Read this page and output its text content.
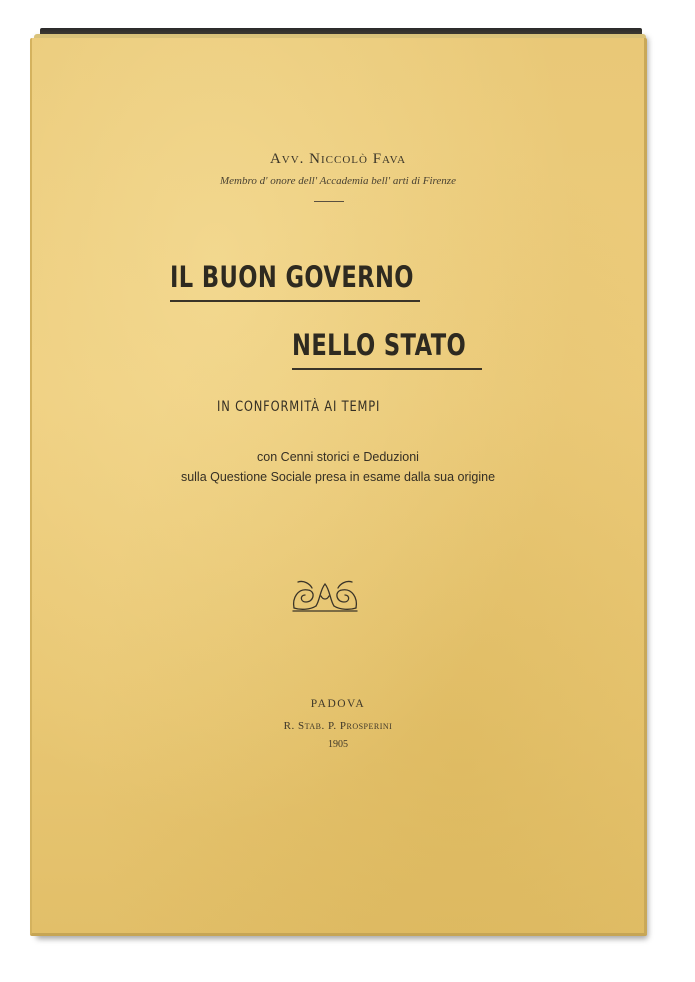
Avv. Niccolò Fava
Membro d' onore dell' Accademia bell' arti di Firenze
IL BUON GOVERNO
NELLO STATO
IN CONFORMITÀ AI TEMPI
con Cenni storici e Deduzioni
sulla Questione Sociale presa in esame dalla sua origine
PADOVA
R. Stab. P. Prosperini
1905
